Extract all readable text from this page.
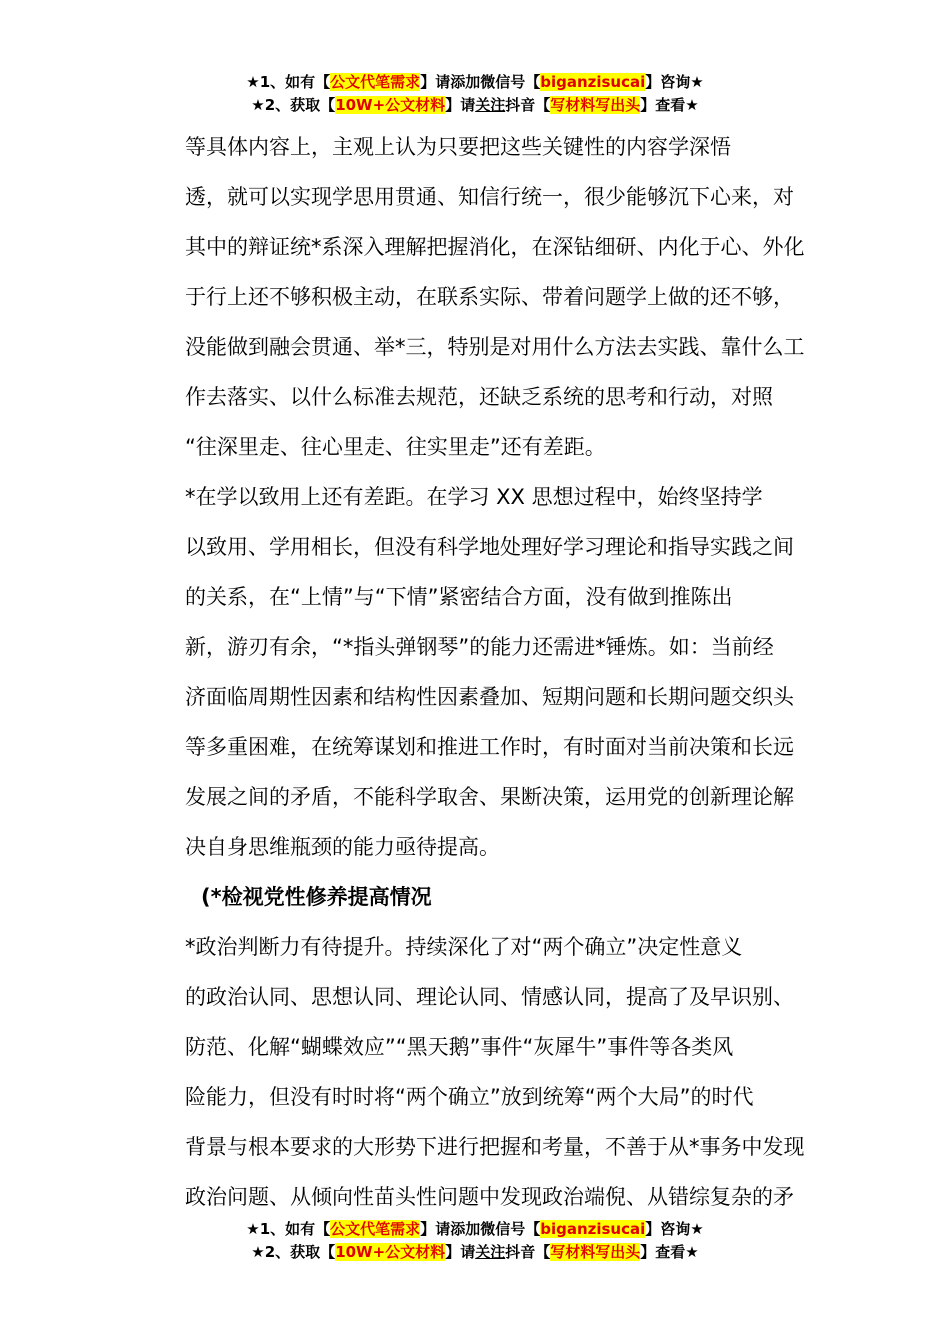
★1、如有【公文代笔需求】请添加微信号【biganzisucai】咨询★
★2、获取【10W+公文材料】请关注抖音【写材料写出头】查看★

等具体内容上，主观上认为只要把这些关键性的内容学深悟
透，就可以实现学思用贯通、知信行统一，很少能够沉下心来，对
其中的辩证统*系深入理解把握消化，在深钻细研、内化于心、外化
于行上还不够积极主动，在联系实际、带着问题学上做的还不够，
没能做到融会贯通、举*三，特别是对用什么方法去实践、靠什么工
作去落实、以什么标准去规范，还缺乏系统的思考和行动，对照
“往深里走、往心里走、往实里走”还有差距。

*在学以致用上还有差距。在学习 XX 思想过程中，始终坚持学
以致用、学用相长，但没有科学地处理好学习理论和指导实践之间
的关系，在“上情”与“下情”紧密结合方面，没有做到推陈出
新，游刃有余，“*指头弹钢琴”的能力还需进*锤炼。如：当前经
济面临周期性因素和结构性因素叠加、短期问题和长期问题交织头
等多重困难，在统筹谋划和推进工作时，有时面对当前决策和长远
发展之间的矛盾，不能科学取舍、果断决策，运用党的创新理论解
决自身思维瓶颈的能力亟待提高。

(*检视党性修养提高情况

*政治判断力有待提升。持续深化了对“两个确立”决定性意义
的政治认同、思想认同、理论认同、情感认同，提高了及早识别、
防范、化解“蝴蝶效应”“黑天鹅”事件“灰犀牛”事件等各类风
险能力，但没有时时将“两个确立”放到统筹“两个大局”的时代
背景与根本要求的大形势下进行把握和考量，不善于从*事务中发现
政治问题、从倾向性苗头性问题中发现政治端倪、从错综复杂的矛

★1、如有【公文代笔需求】请添加微信号【biganzisucai】咨询★
★2、获取【10W+公文材料】请关注抖音【写材料写出头】查看★
